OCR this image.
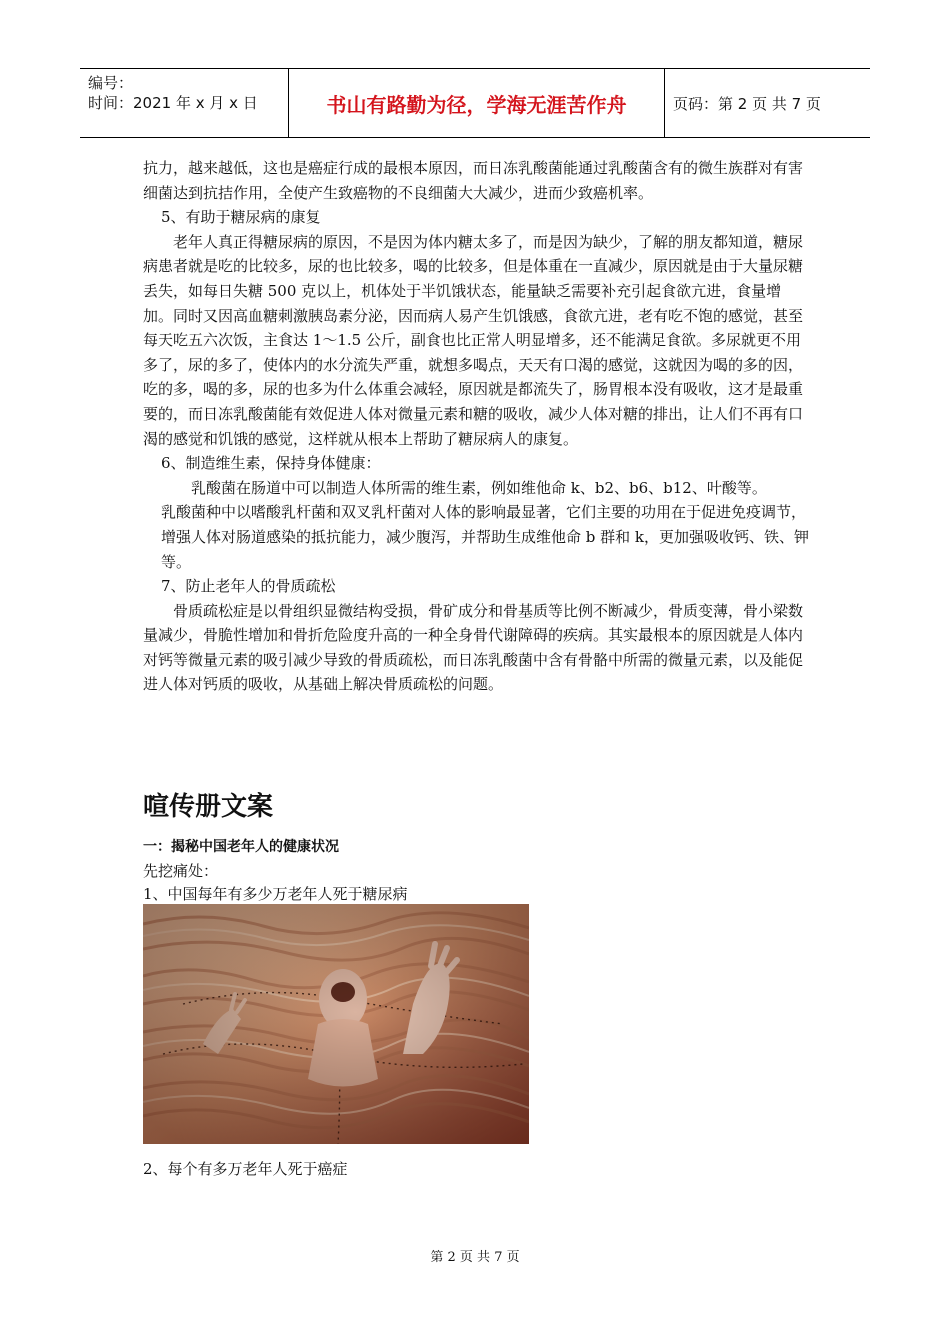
编号：
时间：2021 年 x 月 x 日	书山有路勤为径，学海无涯苦作舟	页码：第 2 页 共 7 页

抗力，越来越低，这也是癌症行成的最根本原因，而日冻乳酸菌能通过乳酸菌含有的微生族群对有害细菌达到抗拮作用，全使产生致癌物的不良细菌大大减少，进而少致癌机率。

5、有助于糖尿病的康复

老年人真正得糖尿病的原因，不是因为体内糖太多了，而是因为缺少，了解的朋友都知道，糖尿病患者就是吃的比较多，尿的也比较多，喝的比较多，但是体重在一直减少，原因就是由于大量尿糖丢失，如每日失糖 500 克以上，机体处于半饥饿状态，能量缺乏需要补充引起食欲亢进，食量增加。同时又因高血糖刺激胰岛素分泌，因而病人易产生饥饿感，食欲亢进，老有吃不饱的感觉，甚至每天吃五六次饭，主食达 1～1.5 公斤，副食也比正常人明显增多，还不能满足食欲。多尿就更不用多了，尿的多了，使体内的水分流失严重，就想多喝点，天天有口渴的感觉，这就因为喝的多的因，吃的多，喝的多，尿的也多为什么体重会减轻，原因就是都流失了，肠胃根本没有吸收，这才是最重要的，而日冻乳酸菌能有效促进人体对微量元素和糖的吸收，减少人体对糖的排出，让人们不再有口渴的感觉和饥饿的感觉，这样就从根本上帮助了糖尿病人的康复。

6、制造维生素，保持身体健康：

乳酸菌在肠道中可以制造人体所需的维生素，例如维他命 k、b2、b6、b12、叶酸等。

乳酸菌种中以嗜酸乳杆菌和双叉乳杆菌对人体的影响最显著，它们主要的功用在于促进免疫调节，增强人体对肠道感染的抵抗能力，减少腹泻，并帮助生成维他命 b 群和 k，更加强吸收钙、铁、钾等。

7、防止老年人的骨质疏松

骨质疏松症是以骨组织显微结构受损，骨矿成分和骨基质等比例不断减少，骨质变薄，骨小梁数量减少，骨脆性增加和骨折危险度升高的一种全身骨代谢障碍的疾病。其实最根本的原因就是人体内对钙等微量元素的吸引减少导致的骨质疏松，而日冻乳酸菌中含有骨骼中所需的微量元素，以及能促进人体对钙质的吸收，从基础上解决骨质疏松的问题。

喧传册文案
一：揭秘中国老年人的健康状况
先挖痛处：
1、中国每年有多少万老年人死于糖尿病
2、每个有多万老年人死于癌症
第 2 页 共 7 页
